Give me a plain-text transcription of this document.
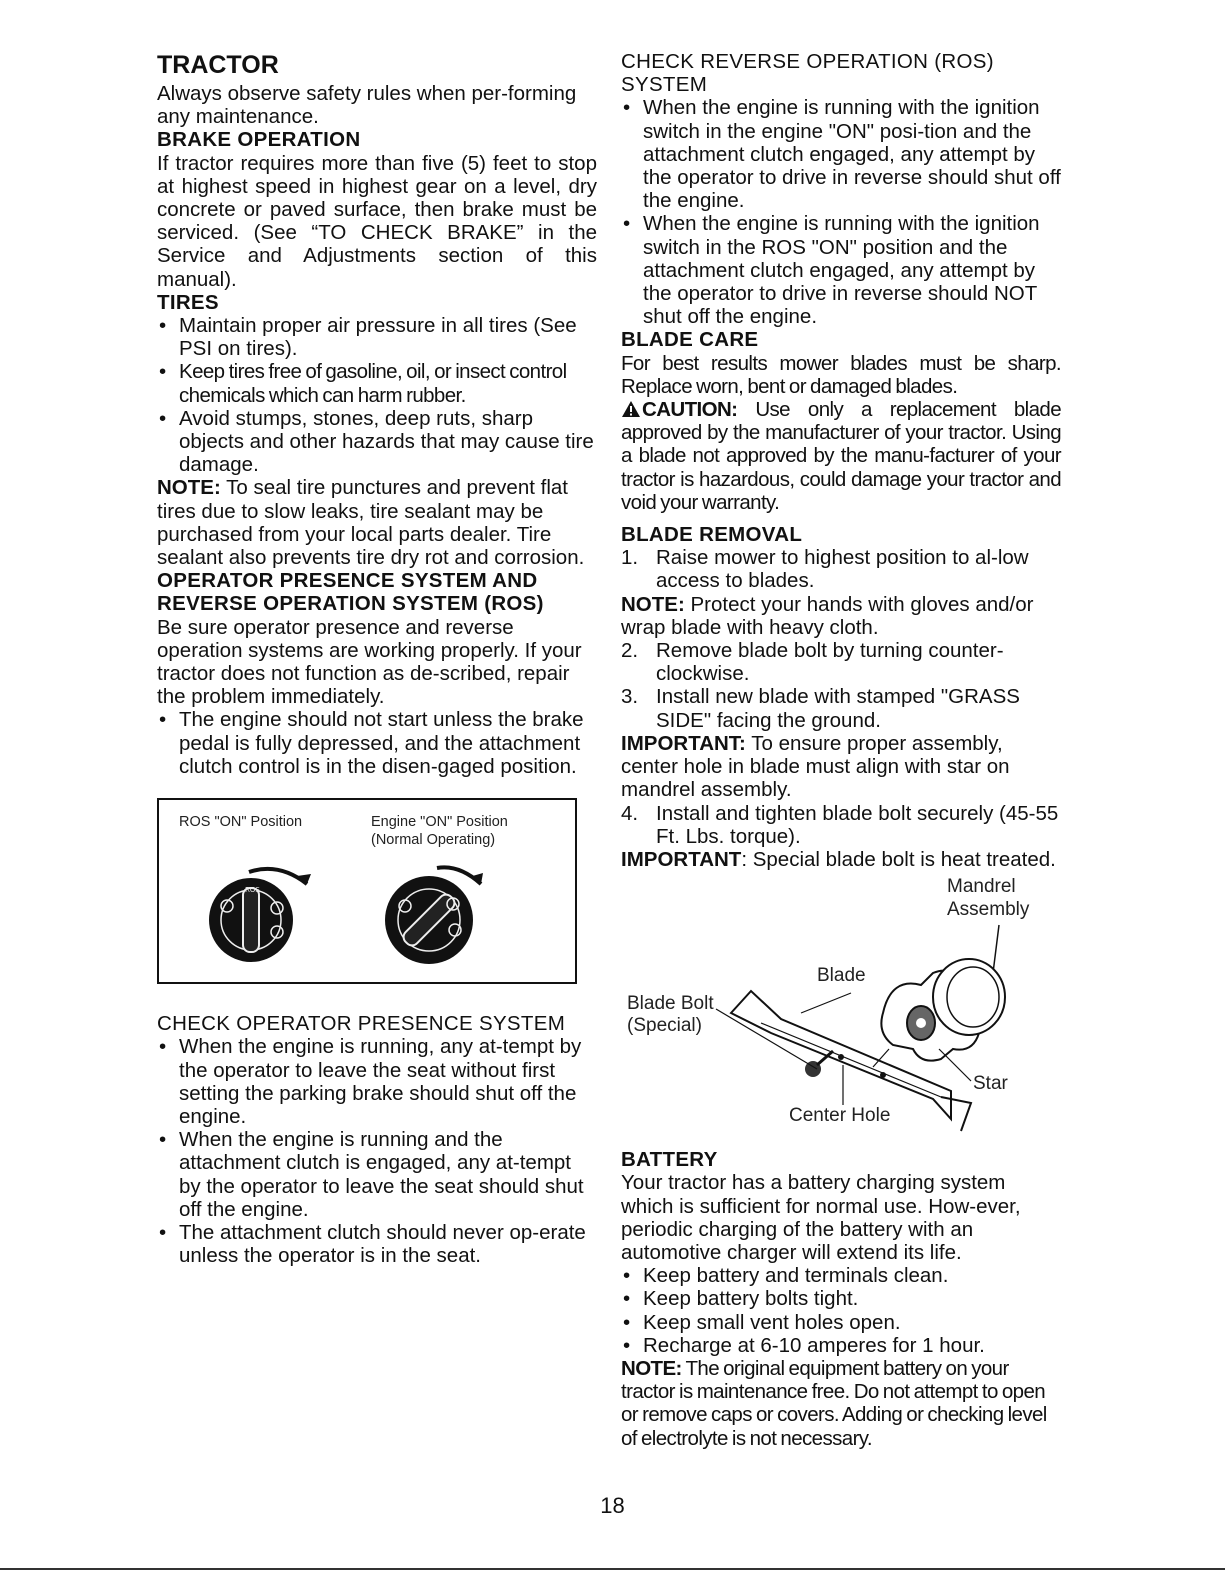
TRACTOR

Always observe safety rules when per-forming any maintenance.

BRAKE OPERATION

If tractor requires more than five (5) feet to stop at highest speed in highest gear on a level, dry concrete or paved surface, then brake must be serviced. (See “TO CHECK BRAKE” in the Service and Adjustments section of this manual).

TIRES
• Maintain proper air pressure in all tires (See PSI on tires).
• Keep tires free of gasoline, oil, or insect control chemicals which can harm rubber.
• Avoid stumps, stones, deep ruts, sharp objects and other hazards that may cause tire damage.

NOTE: To seal tire punctures and prevent flat tires due to slow leaks, tire sealant may be purchased from your local parts dealer. Tire sealant also prevents tire dry rot and corrosion.

OPERATOR PRESENCE SYSTEM AND
REVERSE OPERATION SYSTEM (ROS)

Be sure operator presence and reverse operation systems are working properly. If your tractor does not function as de-scribed, repair the problem immediately.

• The engine should not start unless the brake pedal is fully depressed, and the attachment clutch control is in the disen-gaged position.
ROS "ON" Position	Engine "ON" Position
(Normal Operating)
ROS
CHECK OPERATOR PRESENCE SYSTEM
• When the engine is running, any at-tempt by the operator to leave the seat without first setting the parking brake should shut off the engine.
• When the engine is running and the attachment clutch is engaged, any at-tempt by the operator to leave the seat should shut off the engine.
• The attachment clutch should never op-erate unless the operator is in the seat.
CHECK REVERSE OPERATION (ROS) SYSTEM
• When the engine is running with the ignition switch in the engine "ON" posi-tion and the attachment clutch engaged, any attempt by the operator to drive in reverse should shut off the engine.
• When the engine is running with the ignition switch in the ROS "ON" position and the attachment clutch engaged, any attempt by the operator to drive in reverse should NOT shut off the engine.
BLADE CARE

For best results mower blades must be sharp. Replace worn, bent or damaged blades.

CAUTION: Use only a replacement blade approved by the manufacturer of your tractor. Using a blade not approved by the manu-facturer of your tractor is hazardous, could damage your tractor and void your warranty.

BLADE REMOVAL
1. Raise mower to highest position to al-low access to blades.

NOTE: Protect your hands with gloves and/or wrap blade with heavy cloth.

2. Remove blade bolt by turning counter-clockwise.
3. Install new blade with stamped "GRASS SIDE" facing the ground.

IMPORTANT: To ensure proper assembly, center hole in blade must align with star on mandrel assembly.

4. Install and tighten blade bolt securely (45-55 Ft. Lbs. torque).

IMPORTANT: Special blade bolt is heat treated.

Mandrel
Assembly
Blade
Blade Bolt
(Special)
Star
Center Hole
BATTERY

Your tractor has a battery charging system which is sufficient for normal use. How-ever, periodic charging of the battery with an automotive charger will extend its life.

• Keep battery and terminals clean.
• Keep battery bolts tight.
• Keep small vent holes open.
• Recharge at 6-10 amperes for 1 hour.

NOTE: The original equipment battery on your tractor is maintenance free. Do not attempt to open or remove caps or covers. Adding or checking level of electrolyte is not necessary.

18
